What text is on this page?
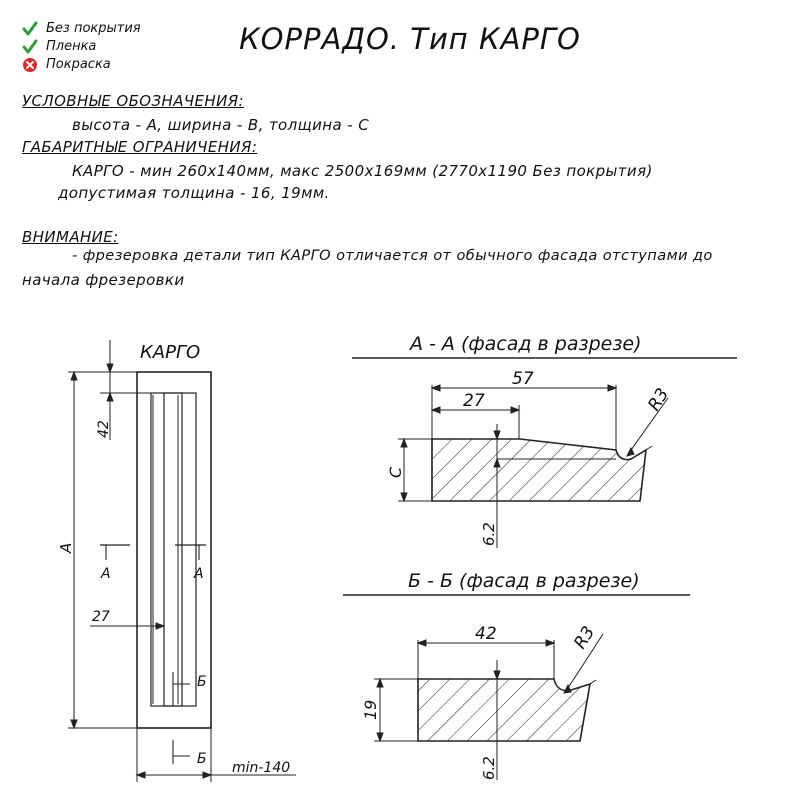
Без покрытия
Пленка
Покраска
КОРРАДО. Тип КАРГО
УСЛОВНЫЕ ОБОЗНАЧЕНИЯ:
высота - А, ширина - В, толщина - С
ГАБАРИТНЫЕ ОГРАНИЧЕНИЯ:
КАРГО - мин 260х140мм, макс 2500х169мм (2770х1190 Без покрытия)
допустимая толщина - 16, 19мм.
ВНИМАНИЕ:
- фрезеровка детали тип КАРГО отличается от обычного фасада отступами до
начала фрезеровки
КАРГО
42
А
А	А
27
Б
Б
min-140
А - А (фасад в разрезе)
57
27	R3
С
6.2
Б - Б (фасад в разрезе)
42	R3
19
6.2
